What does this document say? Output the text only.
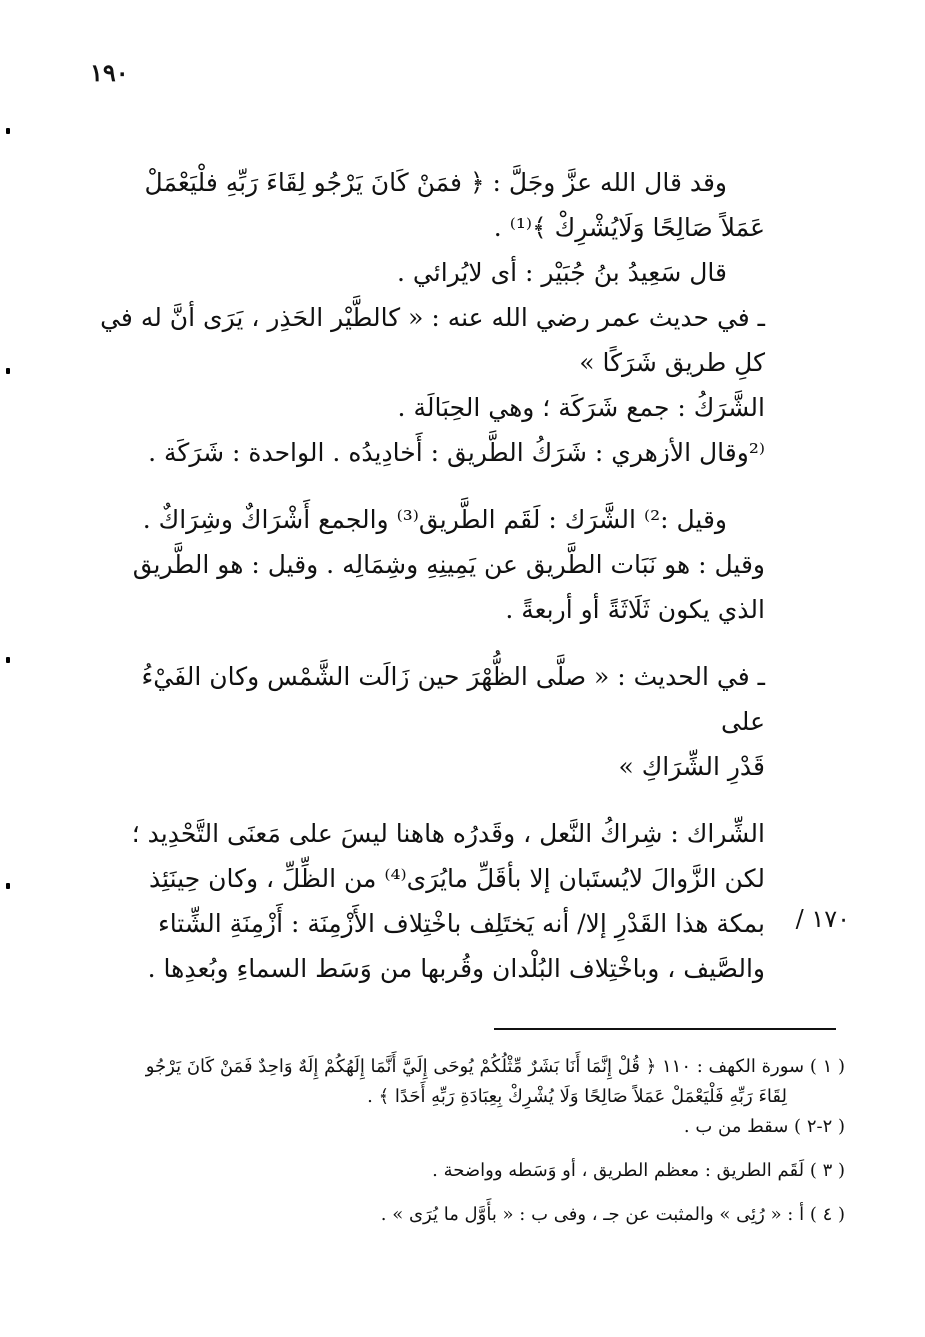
١٩٠

وقد قال الله عزَّ وجَلَّ : ﴿ فمَنْ كَانَ يَرْجُو لِقَاءَ رَبِّهِ فلْيَعْمَلْ

عَمَلاً صَالِحًا وَلَايُشْرِكْ ﴾⁽¹⁾ .

قال سَعِيدُ بنُ جُبَيْر : أى لايُرائي .

ـ في حديث عمر رضي الله عنه : « كالطَّيْر الحَذِر ، يَرَى أنَّ له في

كلِ طريق شَرَكًا »

الشَّرَكُ : جمع شَرَكَة ؛ وهي الحِبَالَة .

⁽²وقال الأزهري : شَرَكُ الطَّريق : أَخادِيدُه . الواحدة : شَرَكَة .

وقيل :²⁾ الشَّرَك : لَقَم الطَّريق⁽³⁾ والجمع أَشْرَاكٌ وشِرَاكٌ .

وقيل : هو نَبَات الطَّريق عن يَمِينِهِ وشِمَالِه . وقيل : هو الطَّريق

الذي يكون ثَلَاثَةً أو أربعةً .

ـ في الحديث : « صلَّى الظُّهْرَ حين زَالَت الشَّمْس وكان الفَيْءُ على

قَدْرِ الشِّرَاكِ »

الشِّراك : شِراكُ النَّعل ، وقَدرُه هاهنا ليسَ على مَعنَى التَّحْدِيد ؛

لكن الزَّوالَ لايُستَبان إلا بأقَلِّ مايُرَى⁽⁴⁾ من الظِّلِّ ، وكان حِينَئِذ

بمكة هذا القَدْرِ إلا/ أنه يَختَلِف باخْتِلاف الأَزْمِنَة : أَزْمِنَةِ الشِّتاء

والصَّيف ، وباخْتِلاف البُلْدان وقُربها من وَسَط السماءِ وبُعدِها .

١٧٠ /

( ١ ) سورة الكهف : ١١٠ ﴿ قُلْ إِنَّمَا أَنَا بَشَرٌ مِّثْلُكُمْ يُوحَى إِلَيَّ أَنَّمَا إِلَهُكُمْ إِلَهٌ وَاحِدٌ فَمَنْ كَانَ يَرْجُو

لِقَاءَ رَبِّهِ فَلْيَعْمَلْ عَمَلاً صَالِحًا وَلَا يُشْرِكْ بِعِبَادَةِ رَبِّهِ أَحَدًا ﴾ .

( ٢-٢ ) سقط من ب .

( ٣ ) لَقَم الطريق : معظم الطريق ، أو وَسَطه وواضحة .

( ٤ ) أ : « رُئِى » والمثبت عن جـ ، وفى ب : « بأَوَّل ما يُرَى » .
